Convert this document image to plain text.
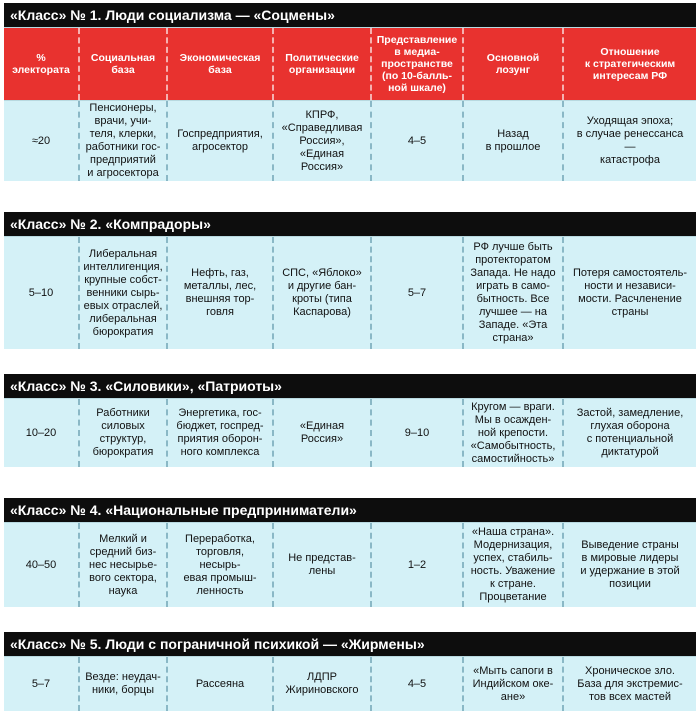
«Класс» № 1. Люди социализма — «Соцмены»
%
электората
Социальная
база
Экономическая
база
Политические
организации
Представление
в медиа-
пространстве
(по 10-балль-
ной шкале)
Основной
лозунг
Отношение
к стратегическим
интересам РФ
≈20
Пенсионеры,
врачи, учи-
теля, клерки,
работники гос-
предприятий
и агросектора
Госпредприятия,
агросектор
КПРФ,
«Справедливая
Россия»,
«Единая
Россия»
4–5
Назад
в прошлое
Уходящая эпоха;
в случае ренессанса
—
катастрофа
«Класс» № 2. «Компрадоры»
5–10
Либеральная
интеллигенция,
крупные собст-
венники сырь-
евых отраслей,
либеральная
бюрократия
Нефть, газ,
металлы, лес,
внешняя тор-
говля
СПС, «Яблоко»
и другие бан-
кроты (типа
Каспарова)
5–7
РФ лучше быть
протекторатом
Запада. Не надо
играть в само-
бытность. Все
лучшее — на
Западе. «Эта
страна»
Потеря самостоятель-
ности и независи-
мости. Расчленение
страны
«Класс» № 3. «Силовики», «Патриоты»
10–20
Работники
силовых
структур,
бюрократия
Энергетика, гос-
бюджет, госпред-
приятия оборон-
ного комплекса
«Единая
Россия»
9–10
Кругом — враги.
Мы в осажден-
ной крепости.
«Самобытность,
самостийность»
Застой, замедление,
глухая оборона
с потенциальной
диктатурой
«Класс» № 4. «Национальные предприниматели»
40–50
Мелкий и
средний биз-
нес несырье-
вого сектора,
наука
Переработка,
торговля,
несырь-
евая промыш-
ленность
Не представ-
лены
1–2
«Наша страна».
Модернизация,
успех, стабиль-
ность. Уважение
к стране.
Процветание
Выведение страны
в мировые лидеры
и удержание в этой
позиции
«Класс» № 5. Люди с пограничной психикой — «Жирмены»
5–7
Везде: неудач-
ники, борцы
Рассеяна
ЛДПР
Жириновского
4–5
«Мыть сапоги в
Индийском оке-
ане»
Хроническое зло.
База для экстремис-
тов всех мастей
